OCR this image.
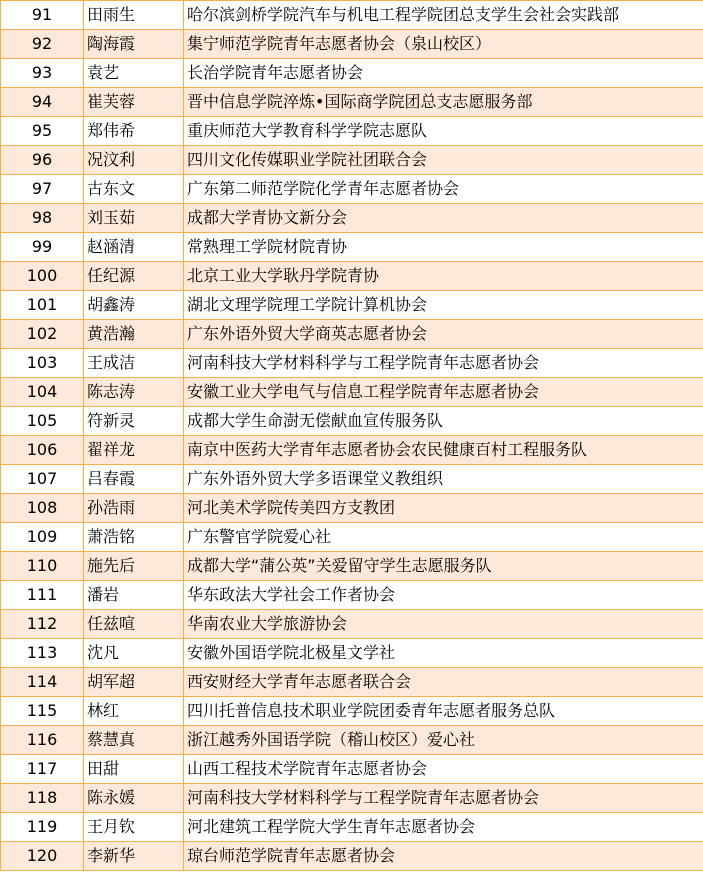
91	田雨生	哈尔滨剑桥学院汽车与机电工程学院团总支学生会社会实践部
92	陶海霞	集宁师范学院青年志愿者协会（泉山校区）
93	袁艺	长治学院青年志愿者协会
94	崔芙蓉	晋中信息学院淬炼•国际商学院团总支志愿服务部
95	郑伟希	重庆师范大学教育科学学院志愿队
96	况汶利	四川文化传媒职业学院社团联合会
97	古东文	广东第二师范学院化学青年志愿者协会
98	刘玉茹	成都大学青协文新分会
99	赵涵清	常熟理工学院材院青协
100	任纪源	北京工业大学耿丹学院青协
101	胡鑫涛	湖北文理学院理工学院计算机协会
102	黄浩瀚	广东外语外贸大学商英志愿者协会
103	王成洁	河南科技大学材料科学与工程学院青年志愿者协会
104	陈志涛	安徽工业大学电气与信息工程学院青年志愿者协会
105	符新灵	成都大学生命澍无偿献血宣传服务队
106	翟祥龙	南京中医药大学青年志愿者协会农民健康百村工程服务队
107	吕春霞	广东外语外贸大学多语课堂义教组织
108	孙浩雨	河北美术学院传美四方支教团
109	萧浩铭	广东警官学院爱心社
110	施先后	成都大学“蒲公英”关爱留守学生志愿服务队
111	潘岩	华东政法大学社会工作者协会
112	任兹喧	华南农业大学旅游协会
113	沈凡	安徽外国语学院北极星文学社
114	胡军超	西安财经大学青年志愿者联合会
115	林红	四川托普信息技术职业学院团委青年志愿者服务总队
116	蔡慧真	浙江越秀外国语学院（稽山校区）爱心社
117	田甜	山西工程技术学院青年志愿者协会
118	陈永媛	河南科技大学材料科学与工程学院青年志愿者协会
119	王月钦	河北建筑工程学院大学生青年志愿者协会
120	李新华	琼台师范学院青年志愿者协会
